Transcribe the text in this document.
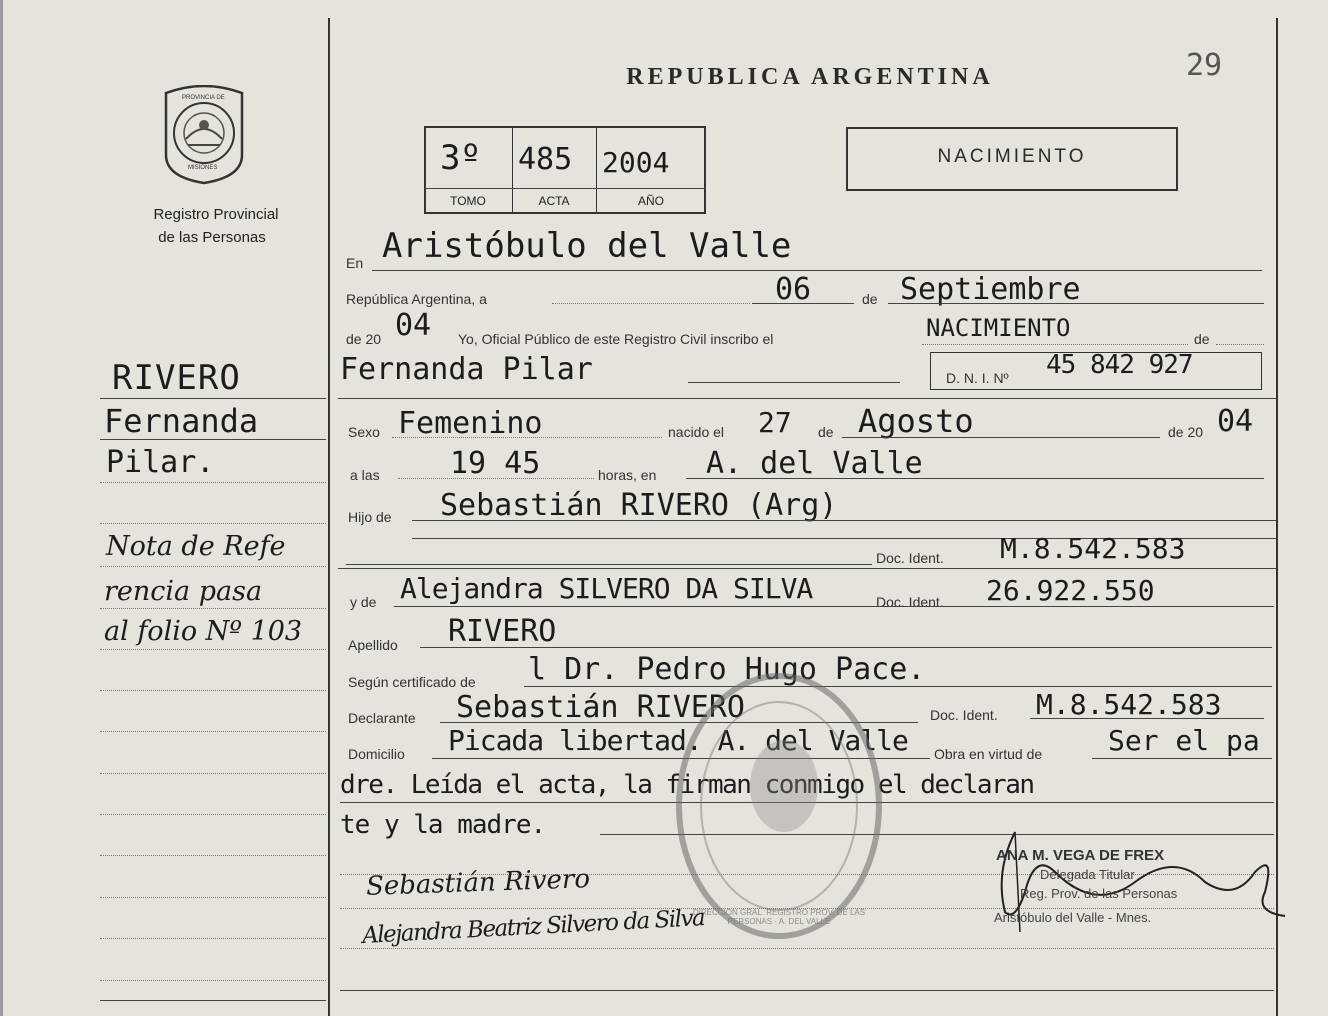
PROVINCIA DE
MISIONES
Registro Provincial
de las Personas
RIVERO
Fernanda
Pilar.
Nota de Refe
rencia pasa
al folio Nº 103
REPUBLICA ARGENTINA	29
3º 485 2004
TOMO	ACTA	AÑO
NACIMIENTO
En Aristóbulo del Valle
República Argentina, a	06	de Septiembre
de 20 04 Yo, Oficial Público de este Registro Civil inscribo el	NACIMIENTO	de
Fernanda Pilar	D. N. I. Nº 45 842 927
Sexo Femenino	nacido el 27 de Agosto	de 20 04
a las 19 45	horas, en A. del Valle
Hijo de Sebastián RIVERO (Arg)
Doc. Ident. M.8.542.583
y de Alejandra SILVERO DA SILVA	Doc. Ident. 26.922.550
Apellido RIVERO
Según certificado de l Dr. Pedro Hugo Pace.
Declarante Sebastián RIVERO	Doc. Ident. M.8.542.583
Domicilio Picada libertad. A. del Valle Obra en virtud de Ser el pa
dre. Leída el acta, la firman conmigo el declaran
te y la madre.
DIRECCIÓN GRAL. REGISTRO PROV. DE LAS PERSONAS · A. DEL VALLE
Sebastián Rivero
Alejandra Beatriz Silvero da Silva
ANA M. VEGA DE FREX
Delegada Titular
Reg. Prov. de las Personas
Aristóbulo del Valle - Mnes.
